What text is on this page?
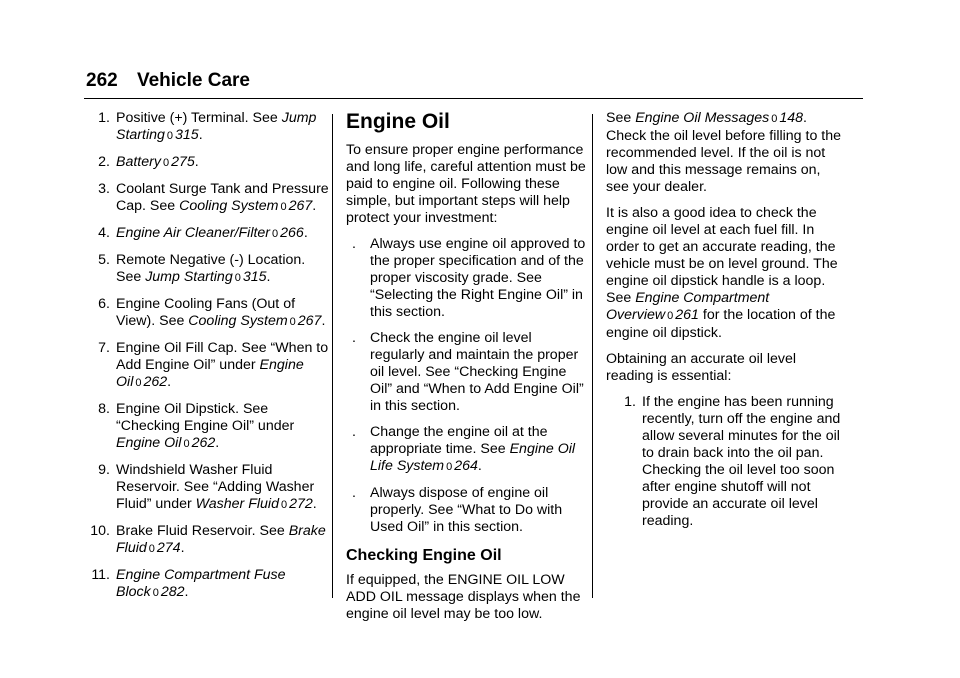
262 Vehicle Care
1. Positive (+) Terminal. See Jump Starting 0 315.
2. Battery 0 275.
3. Coolant Surge Tank and Pressure Cap. See Cooling System 0 267.
4. Engine Air Cleaner/Filter 0 266.
5. Remote Negative (-) Location. See Jump Starting 0 315.
6. Engine Cooling Fans (Out of View). See Cooling System 0 267.
7. Engine Oil Fill Cap. See “When to Add Engine Oil” under Engine Oil 0 262.
8. Engine Oil Dipstick. See “Checking Engine Oil” under Engine Oil 0 262.
9. Windshield Washer Fluid Reservoir. See “Adding Washer Fluid” under Washer Fluid 0 272.
10. Brake Fluid Reservoir. See Brake Fluid 0 274.
11. Engine Compartment Fuse Block 0 282.
Engine Oil

To ensure proper engine performance and long life, careful attention must be paid to engine oil. Following these simple, but important steps will help protect your investment:

. Always use engine oil approved to the proper specification and of the proper viscosity grade. See “Selecting the Right Engine Oil” in this section.
. Check the engine oil level regularly and maintain the proper oil level. See “Checking Engine Oil” and “When to Add Engine Oil” in this section.
. Change the engine oil at the appropriate time. See Engine Oil Life System 0 264.
. Always dispose of engine oil properly. See “What to Do with Used Oil” in this section.
Checking Engine Oil

If equipped, the ENGINE OIL LOW ADD OIL message displays when the engine oil level may be too low.

See Engine Oil Messages 0 148. Check the oil level before filling to the recommended level. If the oil is not low and this message remains on, see your dealer.

It is also a good idea to check the engine oil level at each fuel fill. In order to get an accurate reading, the vehicle must be on level ground. The engine oil dipstick handle is a loop. See Engine Compartment Overview 0 261 for the location of the engine oil dipstick.

Obtaining an accurate oil level reading is essential:

1. If the engine has been running recently, turn off the engine and allow several minutes for the oil to drain back into the oil pan. Checking the oil level too soon after engine shutoff will not provide an accurate oil level reading.
